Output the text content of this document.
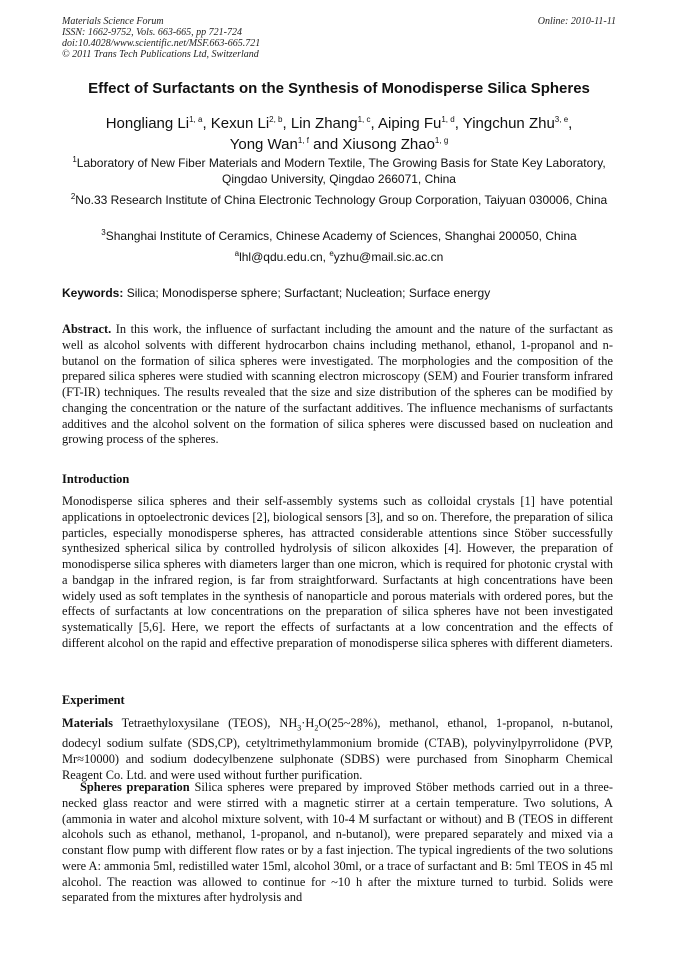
Materials Science Forum
ISSN: 1662-9752, Vols. 663-665, pp 721-724
doi:10.4028/www.scientific.net/MSF.663-665.721
© 2011 Trans Tech Publications Ltd, Switzerland
Online: 2010-11-11
Effect of Surfactants on the Synthesis of Monodisperse Silica Spheres
Hongliang Li$^{1, a}$, Kexun Li$^{2, b}$, Lin Zhang$^{1, c}$, Aiping Fu$^{1, d}$, Yingchun Zhu$^{3, e}$,
Yong Wan$^{1, f}$ and Xiusong Zhao$^{1, g}$
$^1$Laboratory of New Fiber Materials and Modern Textile, The Growing Basis for State Key Laboratory, Qingdao University, Qingdao 266071, China
$^2$No.33 Research Institute of China Electronic Technology Group Corporation, Taiyuan 030006, China
$^3$Shanghai Institute of Ceramics, Chinese Academy of Sciences, Shanghai 200050, China
$^a$lhl@qdu.edu.cn, $^e$yzhu@mail.sic.ac.cn
Keywords: Silica; Monodisperse sphere; Surfactant; Nucleation; Surface energy
Abstract. In this work, the influence of surfactant including the amount and the nature of the surfactant as well as alcohol solvents with different hydrocarbon chains including methanol, ethanol, 1-propanol and n-butanol on the formation of silica spheres were investigated. The morphologies and the composition of the prepared silica spheres were studied with scanning electron microscopy (SEM) and Fourier transform infrared (FT-IR) techniques. The results revealed that the size and size distribution of the spheres can be modified by changing the concentration or the nature of the surfactant additives. The influence mechanisms of surfactants additives and the alcohol solvent on the formation of silica spheres were discussed based on nucleation and growing process of the spheres.
Introduction
Monodisperse silica spheres and their self-assembly systems such as colloidal crystals [1] have potential applications in optoelectronic devices [2], biological sensors [3], and so on. Therefore, the preparation of silica particles, especially monodisperse spheres, has attracted considerable attentions since Stöber successfully synthesized spherical silica by controlled hydrolysis of silicon alkoxides [4]. However, the preparation of monodisperse silica spheres with diameters larger than one micron, which is required for photonic crystal with a bandgap in the infrared region, is far from straightforward. Surfactants at high concentrations have been widely used as soft templates in the synthesis of nanoparticle and porous materials with ordered pores, but the effects of surfactants at low concentrations on the preparation of silica spheres have not been investigated systematically [5,6]. Here, we report the effects of surfactants at a low concentration and the effects of different alcohol on the rapid and effective preparation of monodisperse silica spheres with different diameters.
Experiment
Materials Tetraethyloxysilane (TEOS), $NH_3\cdot H_2O(25\sim 28\%)$, methanol, ethanol, 1-propanol, n-butanol, dodecyl sodium sulfate (SDS,CP), cetyltrimethylammonium bromide (CTAB), polyvinylpyrrolidone (PVP, Mr≈10000) and sodium dodecylbenzene sulphonate (SDBS) were purchased from Sinopharm Chemical Reagent Co. Ltd. and were used without further purification.
Spheres preparation Silica spheres were prepared by improved Stöber methods carried out in a three-necked glass reactor and were stirred with a magnetic stirrer at a certain temperature. Two solutions, A (ammonia in water and alcohol mixture solvent, with 10-4 M surfactant or without) and B (TEOS in different alcohols such as ethanol, methanol, 1-propanol, and n-butanol), were prepared separately and mixed via a constant flow pump with different flow rates or by a fast injection. The typical ingredients of the two solutions were A: ammonia 5ml, redistilled water 15ml, alcohol 30ml, or a trace of surfactant and B: 5ml TEOS in 45 ml alcohol. The reaction was allowed to continue for ~10 h after the mixture turned to turbid. Solids were separated from the mixtures after hydrolysis and
